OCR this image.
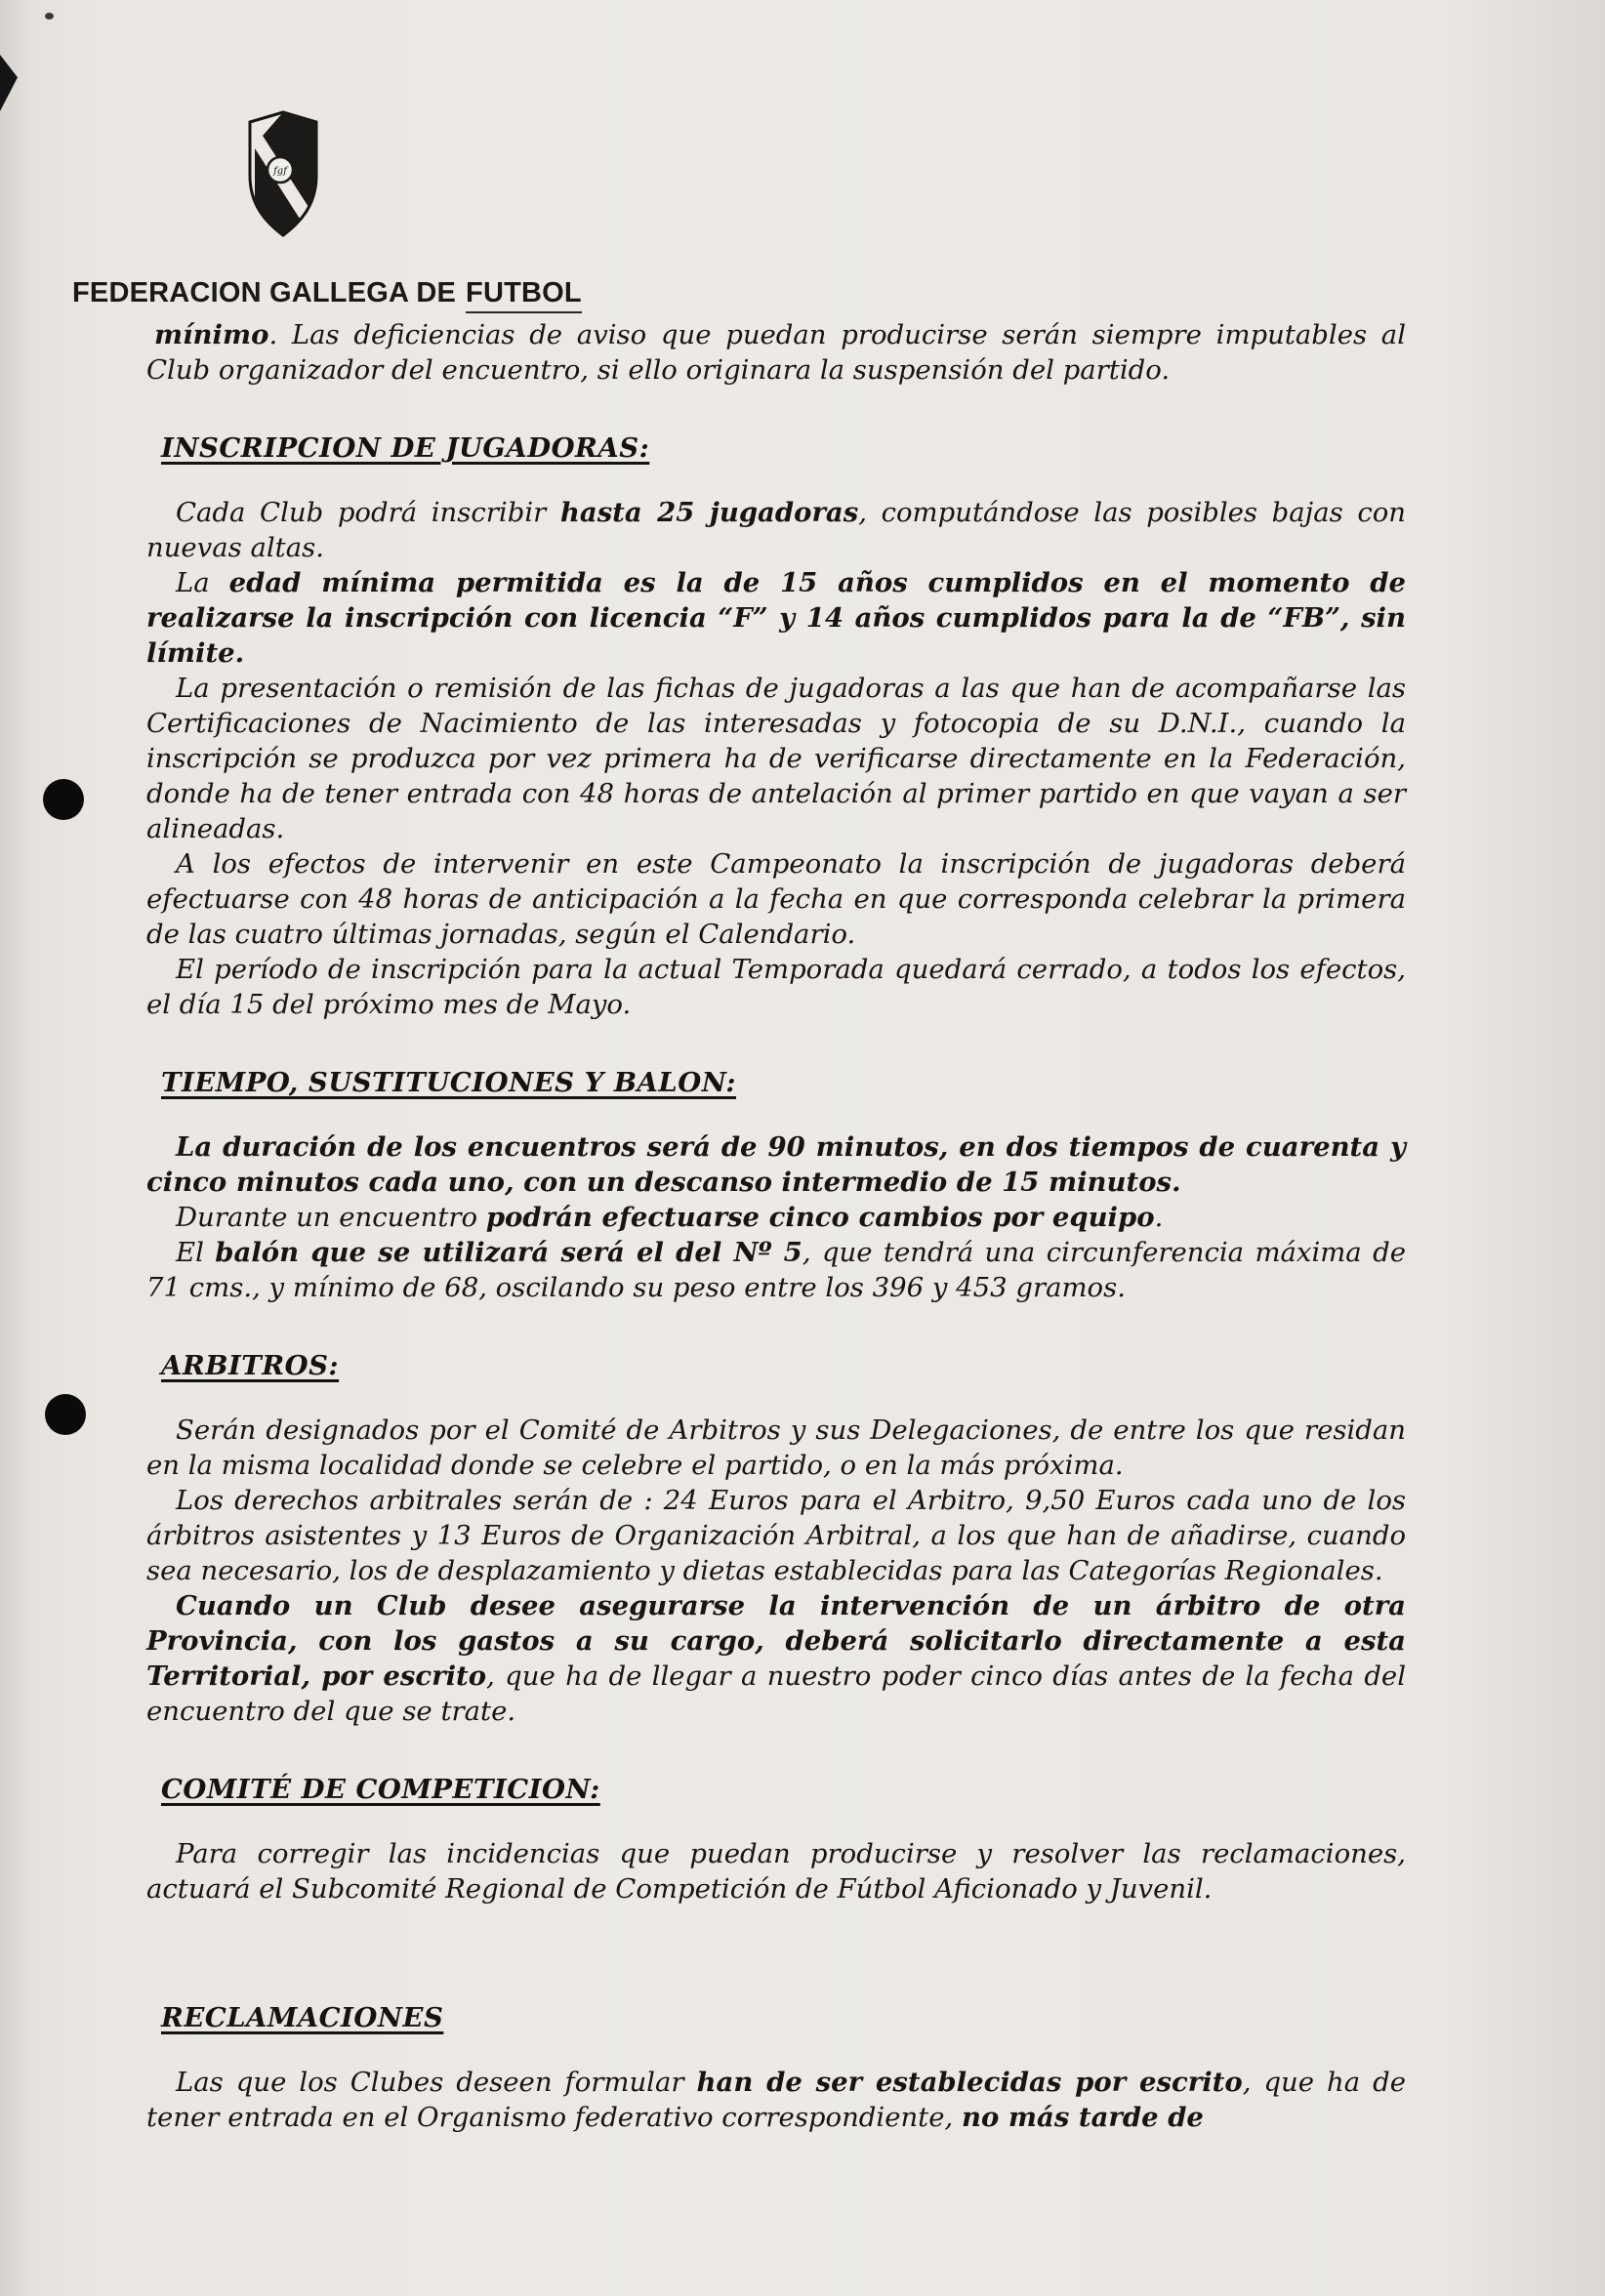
fgf
FEDERACION GALLEGA DE FUTBOL

mínimo. Las deficiencias de aviso que puedan producirse serán siempre imputables al Club organizador del encuentro, si ello originara la suspensión del partido.

INSCRIPCION DE JUGADORAS:

Cada Club podrá inscribir hasta 25 jugadoras, computándose las posibles bajas con nuevas altas.

La edad mínima permitida es la de 15 años cumplidos en el momento de realizarse la inscripción con licencia “F” y 14 años cumplidos para la de “FB”, sin límite.

La presentación o remisión de las fichas de jugadoras a las que han de acompañarse las Certificaciones de Nacimiento de las interesadas y fotocopia de su D.N.I., cuando la inscripción se produzca por vez primera ha de verificarse directamente en la Federación, donde ha de tener entrada con 48 horas de antelación al primer partido en que vayan a ser alineadas.

A los efectos de intervenir en este Campeonato la inscripción de jugadoras deberá efectuarse con 48 horas de anticipación a la fecha en que corresponda celebrar la primera de las cuatro últimas jornadas, según el Calendario.

El período de inscripción para la actual Temporada quedará cerrado, a todos los efectos, el día 15 del próximo mes de Mayo.

TIEMPO, SUSTITUCIONES Y BALON:

La duración de los encuentros será de 90 minutos, en dos tiempos de cuarenta y cinco minutos cada uno, con un descanso intermedio de 15 minutos.

Durante un encuentro podrán efectuarse cinco cambios por equipo.

El balón que se utilizará será el del Nº 5, que tendrá una circunferencia máxima de 71 cms., y mínimo de 68, oscilando su peso entre los 396 y 453 gramos.

ARBITROS:

Serán designados por el Comité de Arbitros y sus Delegaciones, de entre los que residan en la misma localidad donde se celebre el partido, o en la más próxima.

Los derechos arbitrales serán de : 24 Euros para el Arbitro, 9,50 Euros cada uno de los árbitros asistentes y 13 Euros de Organización Arbitral, a los que han de añadirse, cuando sea necesario, los de desplazamiento y dietas establecidas para las Categorías Regionales.

Cuando un Club desee asegurarse la intervención de un árbitro de otra Provincia, con los gastos a su cargo, deberá solicitarlo directamente a esta Territorial, por escrito, que ha de llegar a nuestro poder cinco días antes de la fecha del encuentro del que se trate.

COMITÉ DE COMPETICION:

Para corregir las incidencias que puedan producirse y resolver las reclamaciones, actuará el Subcomité Regional de Competición de Fútbol Aficionado y Juvenil.

RECLAMACIONES

Las que los Clubes deseen formular han de ser establecidas por escrito, que ha de tener entrada en el Organismo federativo correspondiente, no más tarde de
